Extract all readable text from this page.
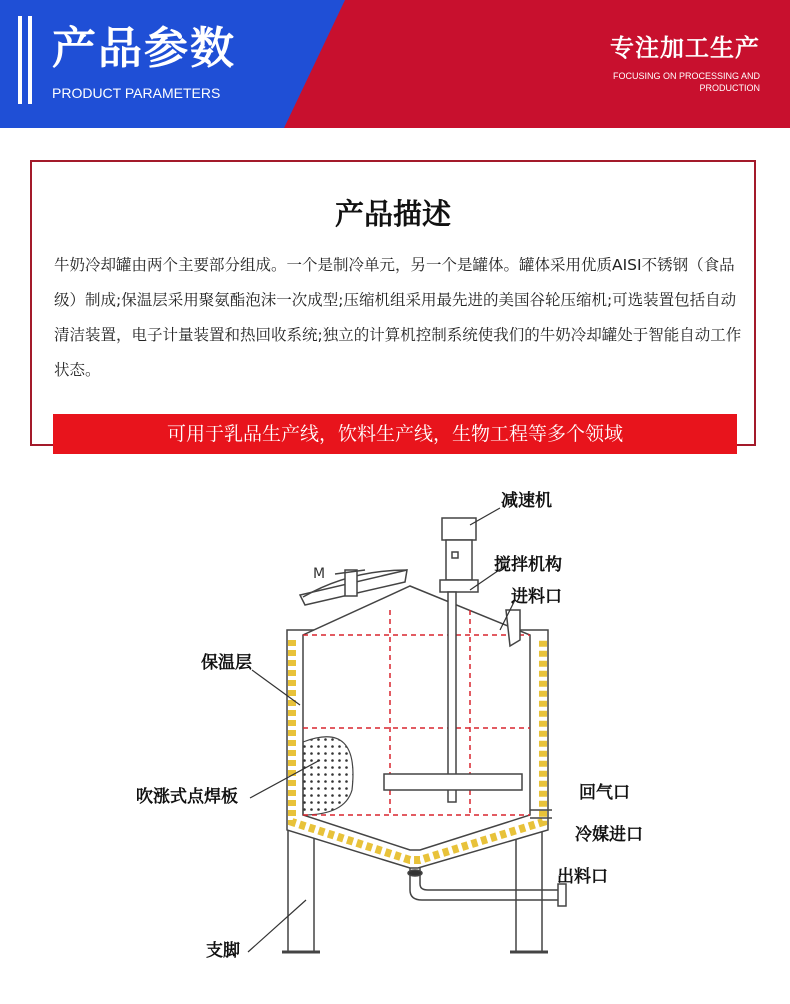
产品参数
PRODUCT PARAMETERS
专注加工生产
FOCUSING ON PROCESSING AND PRODUCTION
产品描述
牛奶冷却罐由两个主要部分组成。一个是制冷单元，另一个是罐体。罐体采用优质AISI不锈钢（食品级）制成;保温层采用聚氨酯泡沫一次成型;压缩机组采用最先进的美国谷轮压缩机;可选装置包括自动清洁装置，电子计量装置和热回收系统;独立的计算机控制系统使我们的牛奶冷却罐处于智能自动工作状态。
可用于乳品生产线，饮料生产线，生物工程等多个领域
M
减速机
搅拌机构
进料口
保温层
吹涨式点焊板	回气口
冷媒进口
出料口
支脚
